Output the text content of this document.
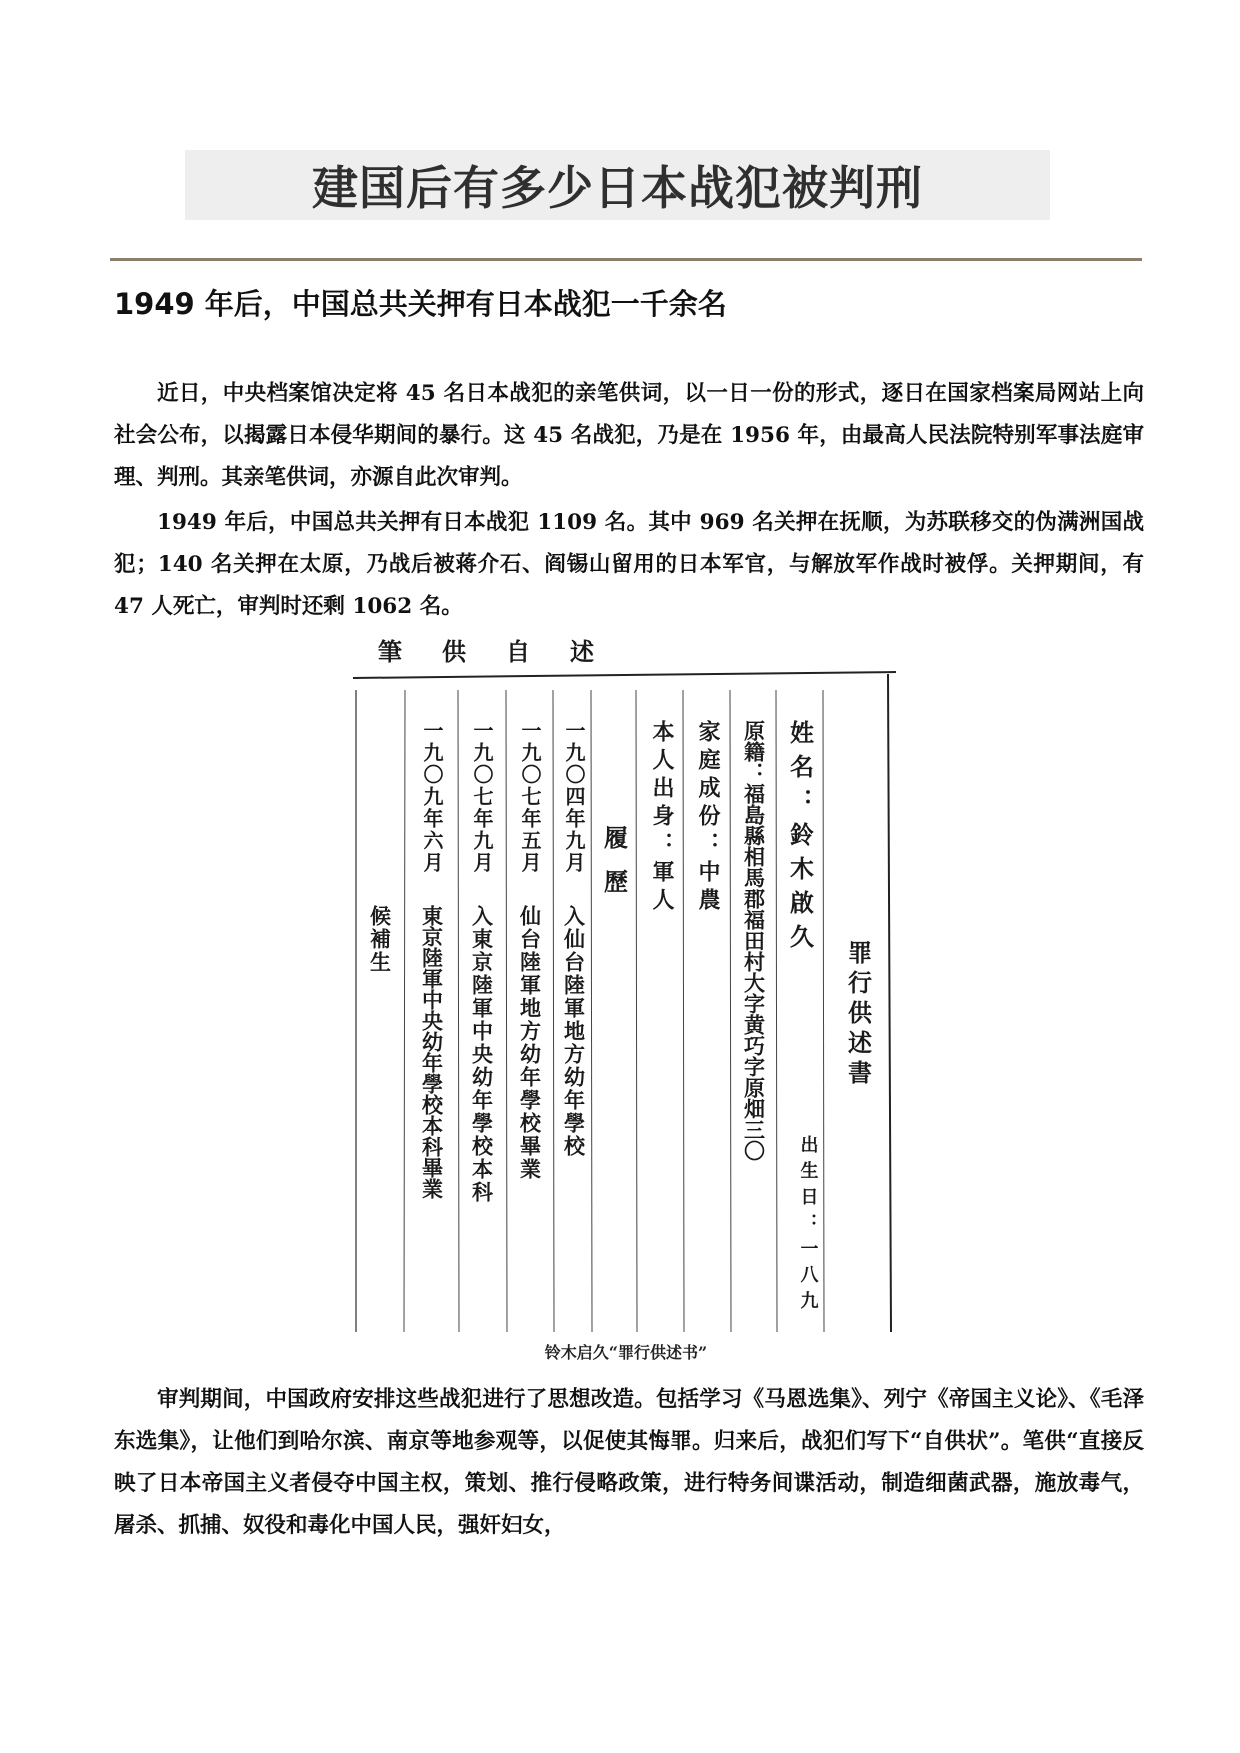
建国后有多少日本战犯被判刑
1949 年后，中国总共关押有日本战犯一千余名

近日，中央档案馆决定将 45 名日本战犯的亲笔供词，以一日一份的形式，逐日在国家档案局网站上向社会公布，以揭露日本侵华期间的暴行。这 45 名战犯，乃是在 1956 年，由最高人民法院特别军事法庭审理、判刑。其亲笔供词，亦源自此次审判。

1949 年后，中国总共关押有日本战犯 1109 名。其中 969 名关押在抚顺，为苏联移交的伪满洲国战犯；140 名关押在太原，乃战后被蒋介石、阎锡山留用的日本军官，与解放军作战时被俘。关押期间，有 47 人死亡，审判时还剩 1062 名。

筆供自述
罪行供述書
姓名：鈴木啟久
出生日：一八九
原籍：福島縣相馬郡福田村大字黄巧字原畑三〇
家庭成份：中農
本人出身：軍人
履歷
一九〇四年九月
入仙台陸軍地方幼年學校
一九〇七年五月
仙台陸軍地方幼年學校畢業
一九〇七年九月
入東京陸軍中央幼年學校本科
一九〇九年六月
東京陸軍中央幼年學校本科畢業
候補生

铃木启久“罪行供述书”

审判期间，中国政府安排这些战犯进行了思想改造。包括学习《马恩选集》、列宁《帝国主义论》、《毛泽东选集》，让他们到哈尔滨、南京等地参观等，以促使其悔罪。归来后，战犯们写下“自供状”。笔供“直接反映了日本帝国主义者侵夺中国主权，策划、推行侵略政策，进行特务间谍活动，制造细菌武器，施放毒气，屠杀、抓捕、奴役和毒化中国人民，强奸妇女，
